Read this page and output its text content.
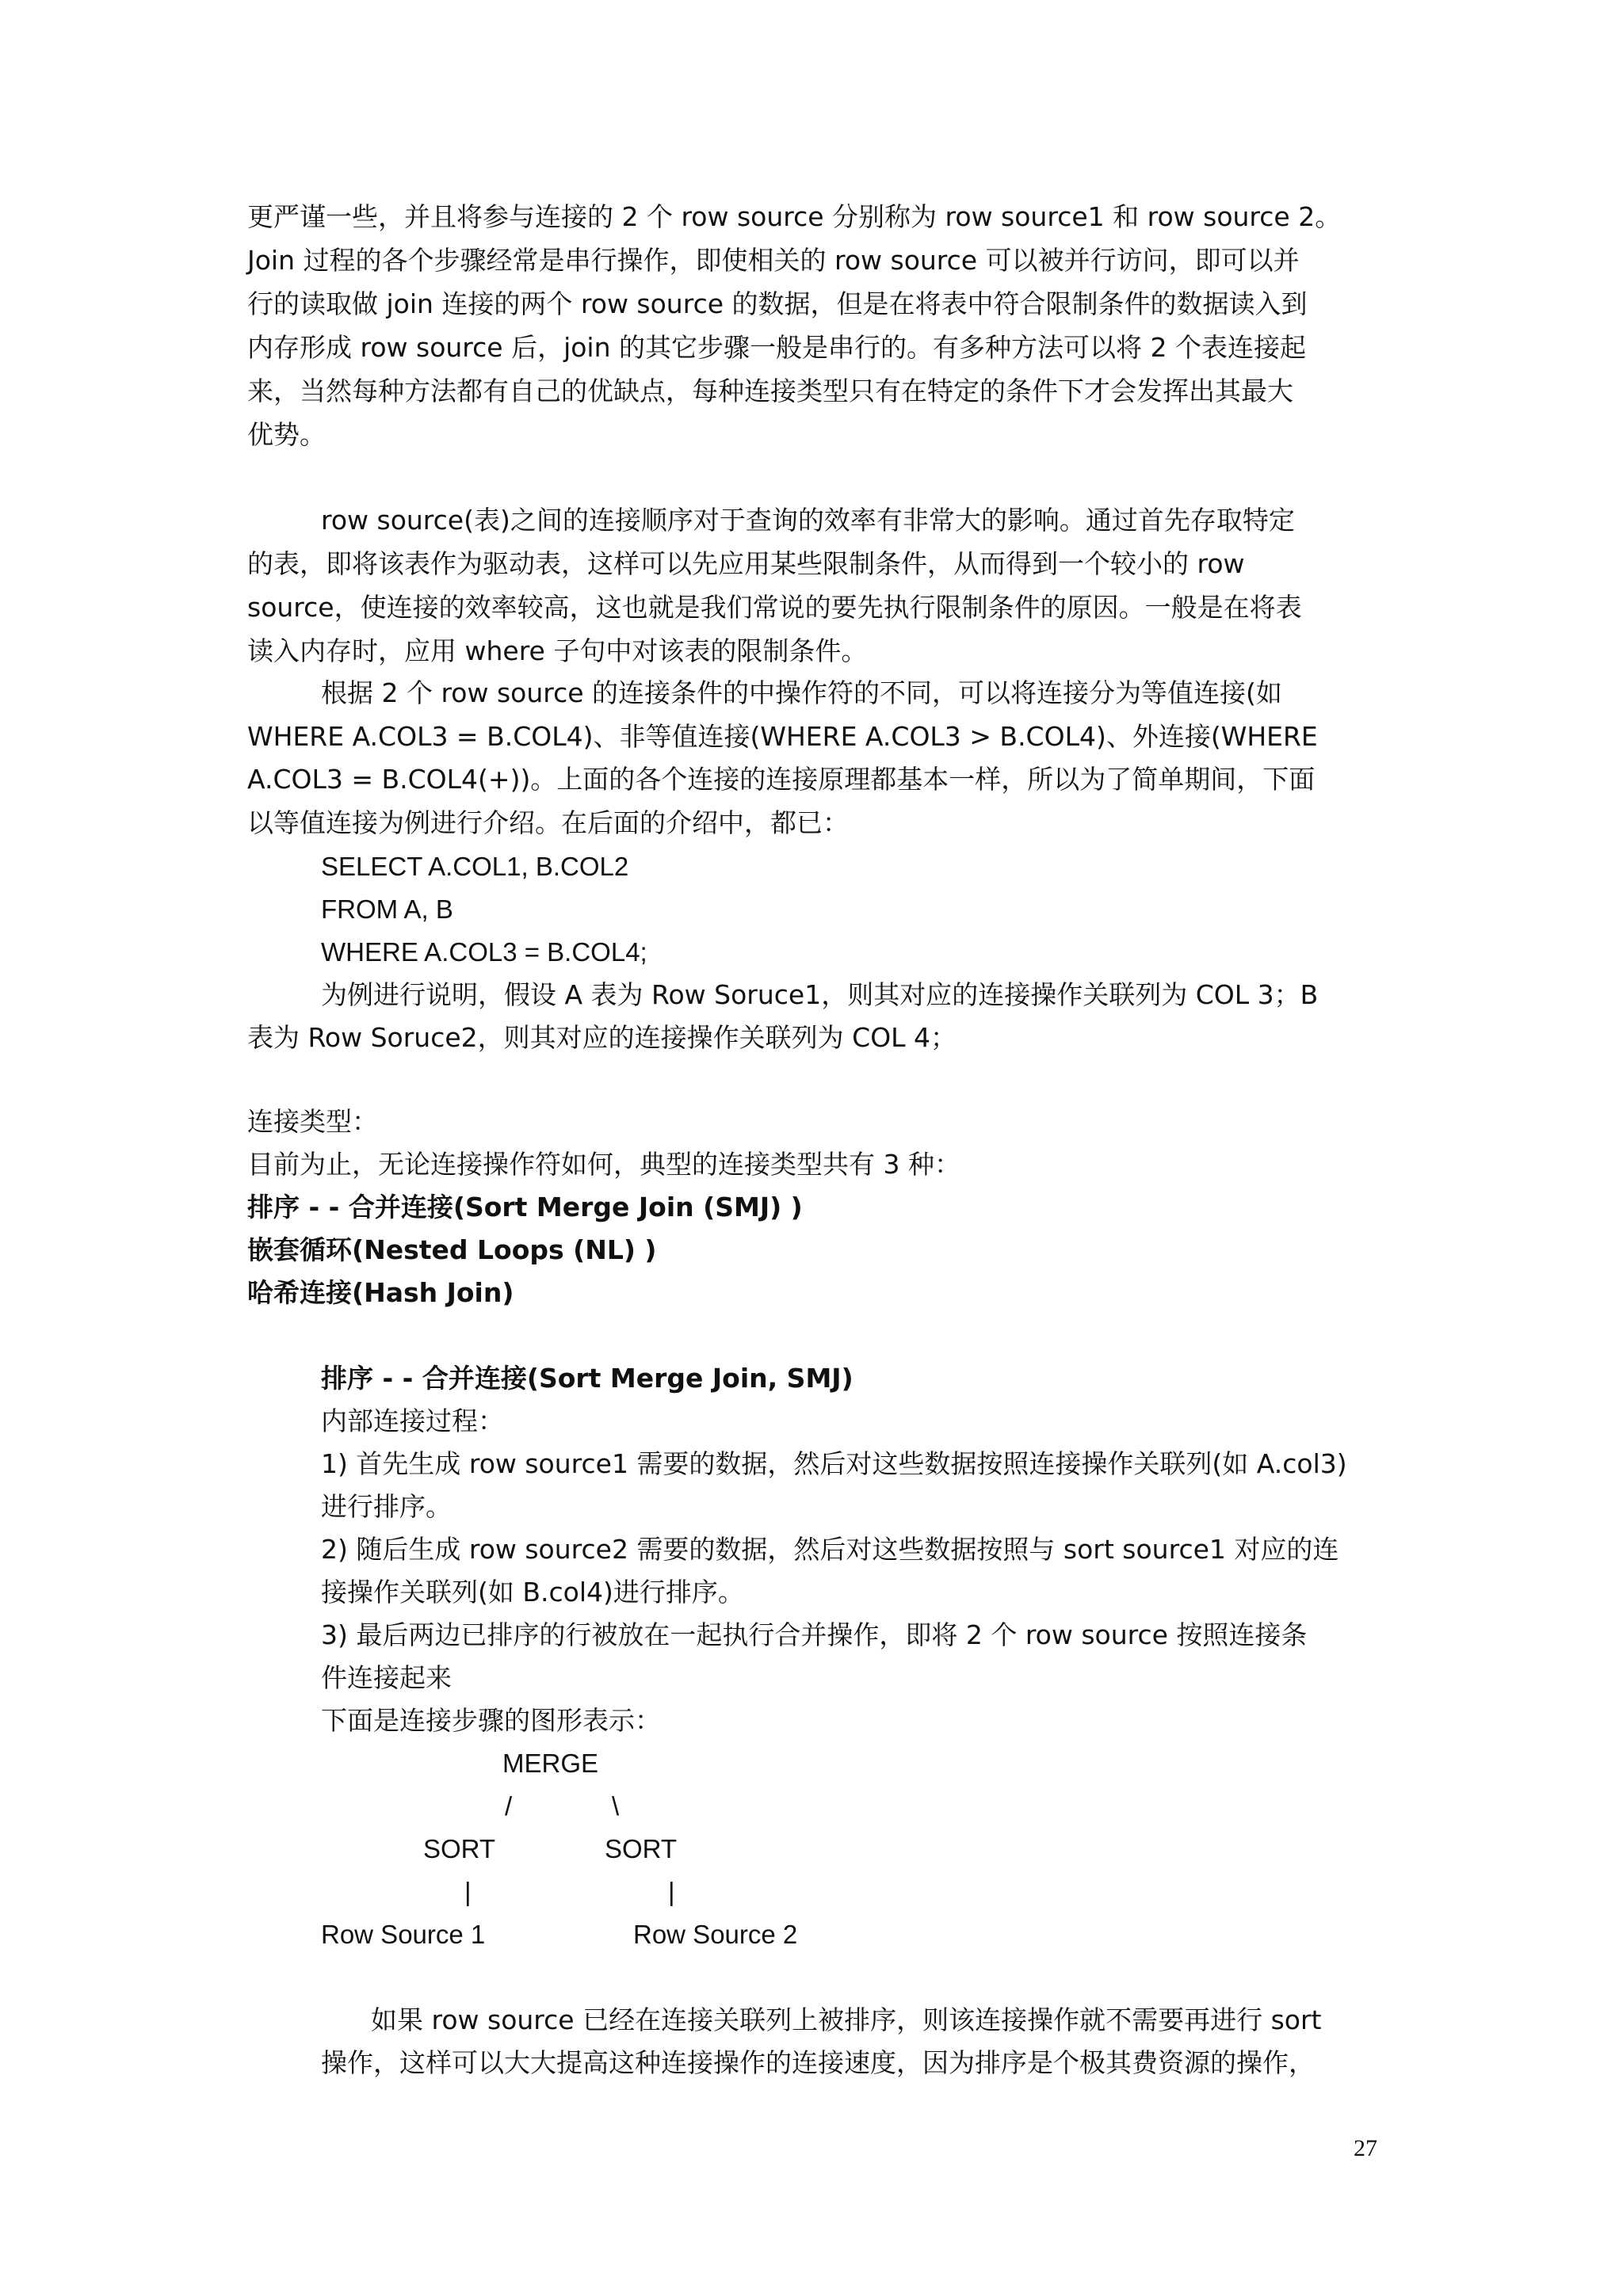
更严谨一些，并且将参与连接的 2 个 row source 分别称为 row source1 和 row source 2。
Join 过程的各个步骤经常是串行操作，即使相关的 row source 可以被并行访问，即可以并
行的读取做 join 连接的两个 row source 的数据，但是在将表中符合限制条件的数据读入到
内存形成 row source 后，join 的其它步骤一般是串行的。有多种方法可以将 2 个表连接起
来，当然每种方法都有自己的优缺点，每种连接类型只有在特定的条件下才会发挥出其最大
优势。
row source(表)之间的连接顺序对于查询的效率有非常大的影响。通过首先存取特定
的表，即将该表作为驱动表，这样可以先应用某些限制条件，从而得到一个较小的 row
source，使连接的效率较高，这也就是我们常说的要先执行限制条件的原因。一般是在将表
读入内存时，应用 where 子句中对该表的限制条件。
根据 2 个 row source 的连接条件的中操作符的不同，可以将连接分为等值连接(如
WHERE A.COL3 = B.COL4)、非等值连接(WHERE A.COL3 > B.COL4)、外连接(WHERE
A.COL3 = B.COL4(+))。上面的各个连接的连接原理都基本一样，所以为了简单期间，下面
以等值连接为例进行介绍。在后面的介绍中，都已：
SELECT A.COL1, B.COL2
FROM A, B
WHERE A.COL3 = B.COL4;
为例进行说明，假设 A 表为 Row Soruce1，则其对应的连接操作关联列为 COL 3；B
表为 Row Soruce2，则其对应的连接操作关联列为 COL 4；
连接类型：
目前为止，无论连接操作符如何，典型的连接类型共有 3 种：
排序 - - 合并连接(Sort Merge Join (SMJ) )
嵌套循环(Nested Loops (NL) )
哈希连接(Hash Join)
排序 - - 合并连接(Sort Merge Join, SMJ)
内部连接过程：
1) 首先生成 row source1 需要的数据，然后对这些数据按照连接操作关联列(如 A.col3)
进行排序。
2) 随后生成 row source2 需要的数据，然后对这些数据按照与 sort source1 对应的连
接操作关联列(如 B.col4)进行排序。
3) 最后两边已排序的行被放在一起执行合并操作，即将 2 个 row source 按照连接条
件连接起来
下面是连接步骤的图形表示：
MERGE
/	\
SORT	SORT
|	|
Row Source 1	Row Source 2
如果 row source 已经在连接关联列上被排序，则该连接操作就不需要再进行 sort
操作，这样可以大大提高这种连接操作的连接速度，因为排序是个极其费资源的操作，
27
